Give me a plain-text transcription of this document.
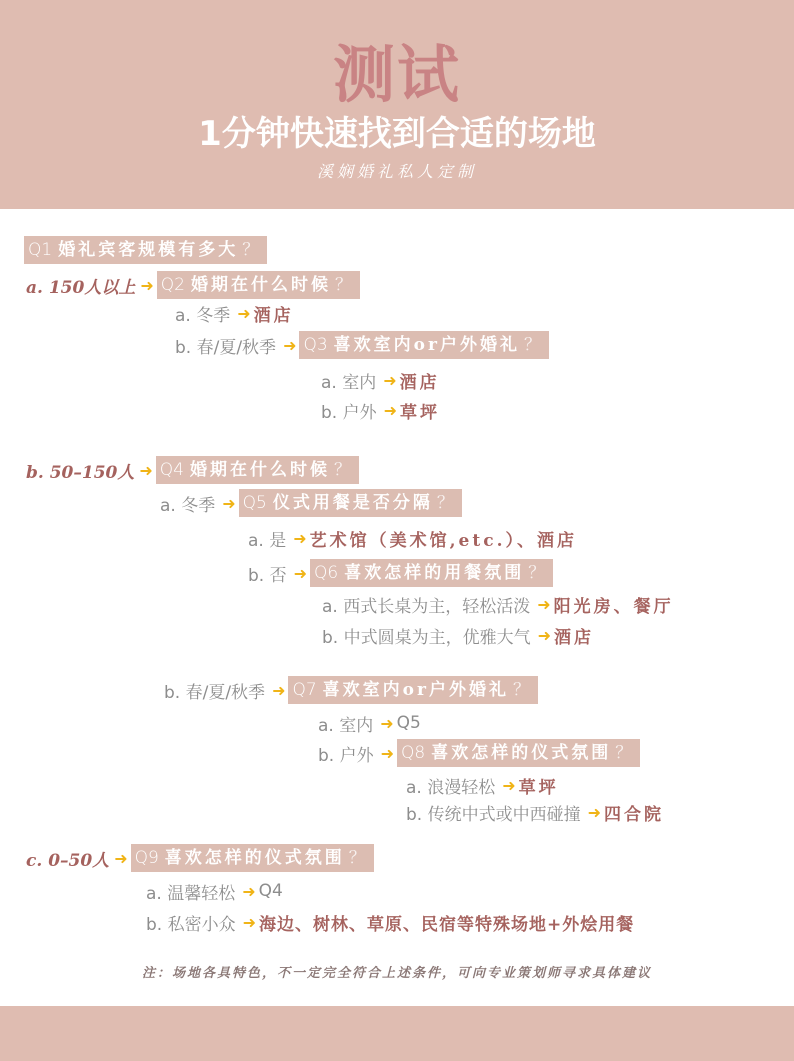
测试
1分钟快速找到合适的场地
溪娴婚礼私人定制
Q1 婚礼宾客规模有多大 ？
a. 150人以上 ➜ Q2 婚期在什么时候 ？
a. 冬季 ➜ 酒店
b. 春/夏/秋季 ➜ Q3 喜欢室内or户外婚礼 ？
a. 室内 ➜ 酒店
b. 户外 ➜ 草坪
b. 50–150人 ➜ Q4 婚期在什么时候 ？
a. 冬季 ➜ Q5 仪式用餐是否分隔 ？
a. 是 ➜ 艺术馆（美术馆,etc.）、酒店
b. 否 ➜ Q6 喜欢怎样的用餐氛围 ？
a. 西式长桌为主，轻松活泼 ➜ 阳光房、餐厅
b. 中式圆桌为主，优雅大气 ➜ 酒店
b. 春/夏/秋季 ➜ Q7 喜欢室内or户外婚礼 ？
a. 室内 ➜ Q5
b. 户外 ➜ Q8 喜欢怎样的仪式氛围 ？
a. 浪漫轻松 ➜ 草坪
b. 传统中式或中西碰撞 ➜ 四合院
c. 0–50人 ➜ Q9 喜欢怎样的仪式氛围 ？
a. 温馨轻松 ➜ Q4
b. 私密小众 ➜ 海边、树林、草原、民宿等特殊场地+外烩用餐
注：场地各具特色，不一定完全符合上述条件，可向专业策划师寻求具体建议
